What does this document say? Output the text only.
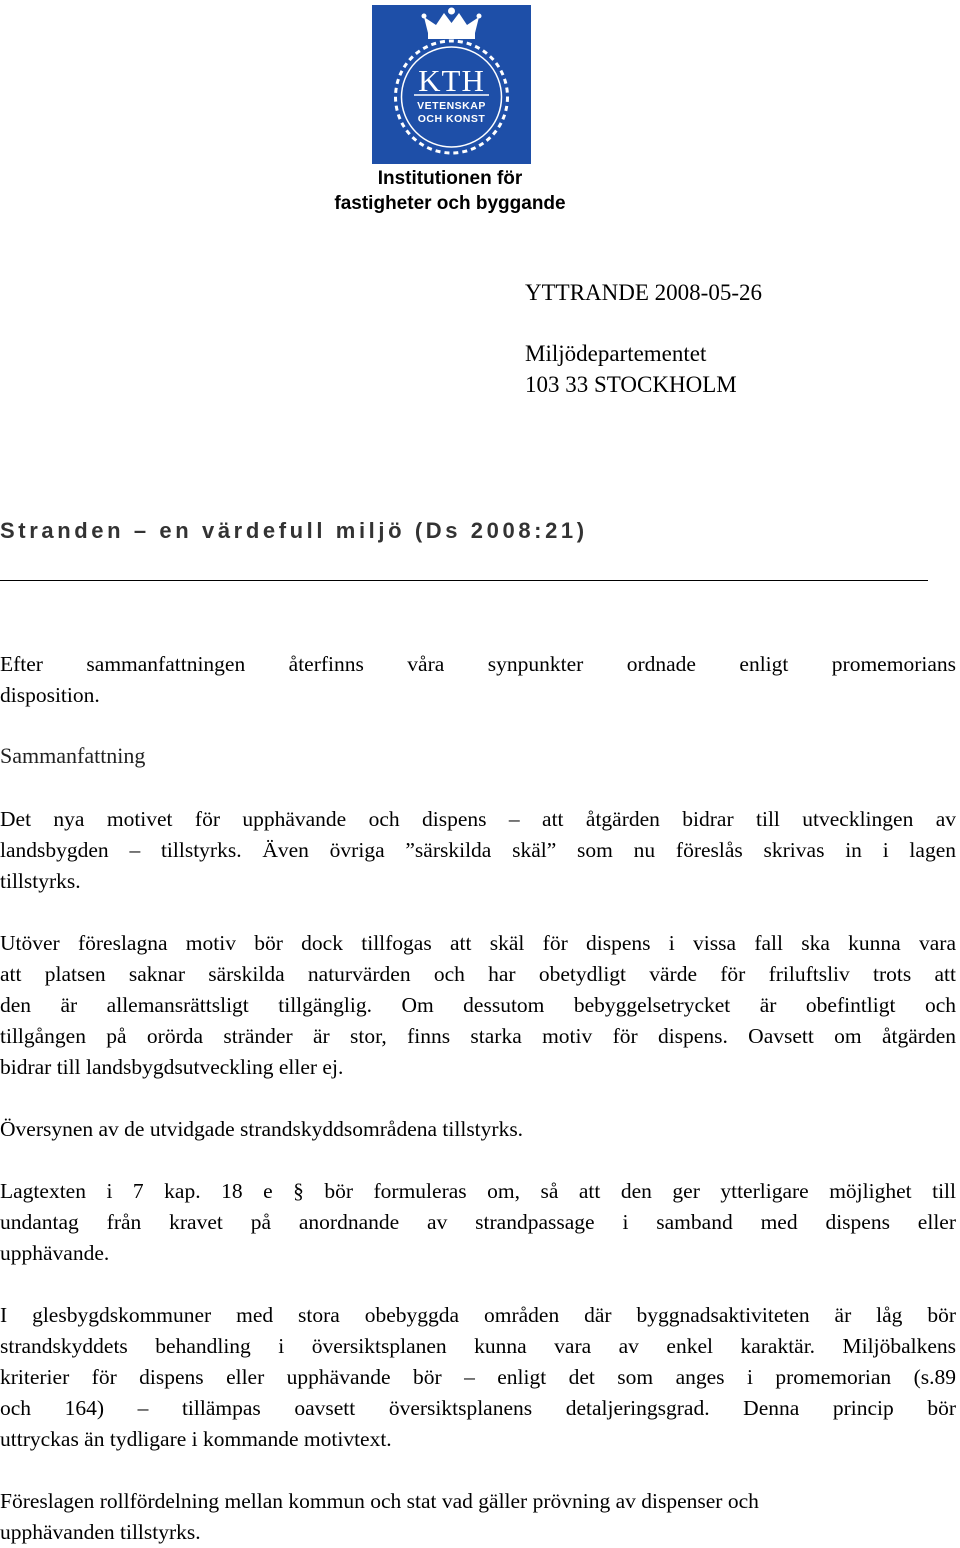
KTH
VETENSKAP
OCH KONST
Institutionen för
fastigheter och byggande
YTTRANDE 2008-05-26
Miljödepartementet
103 33 STOCKHOLM
Stranden – en värdefull miljö (Ds 2008:21)
Efter sammanfattningen återfinns våra synpunkter ordnade enligt promemorians
disposition.
Sammanfattning
Det nya motivet för upphävande och dispens – att åtgärden bidrar till utvecklingen av
landsbygden – tillstyrks. Även övriga ”särskilda skäl” som nu föreslås skrivas in i lagen
tillstyrks.
Utöver föreslagna motiv bör dock tillfogas att skäl för dispens i vissa fall ska kunna vara
att platsen saknar särskilda naturvärden och har obetydligt värde för friluftsliv trots att
den är allemansrättsligt tillgänglig. Om dessutom bebyggelsetrycket är obefintligt och
tillgången på orörda stränder är stor, finns starka motiv för dispens. Oavsett om åtgärden
bidrar till landsbygdsutveckling eller ej.
Översynen av de utvidgade strandskyddsområdena tillstyrks.
Lagtexten i 7 kap. 18 e § bör formuleras om, så att den ger ytterligare möjlighet till
undantag från kravet på anordnande av strandpassage i samband med dispens eller
upphävande.
I glesbygdskommuner med stora obebyggda områden där byggnadsaktiviteten är låg bör
strandskyddets behandling i översiktsplanen kunna vara av enkel karaktär. Miljöbalkens
kriterier för dispens eller upphävande bör – enligt det som anges i promemorian (s.89
och 164) – tillämpas oavsett översiktsplanens detaljeringsgrad. Denna princip bör
uttryckas än tydligare i kommande motivtext.
Föreslagen rollfördelning mellan kommun och stat vad gäller prövning av dispenser och
upphävanden tillstyrks.
